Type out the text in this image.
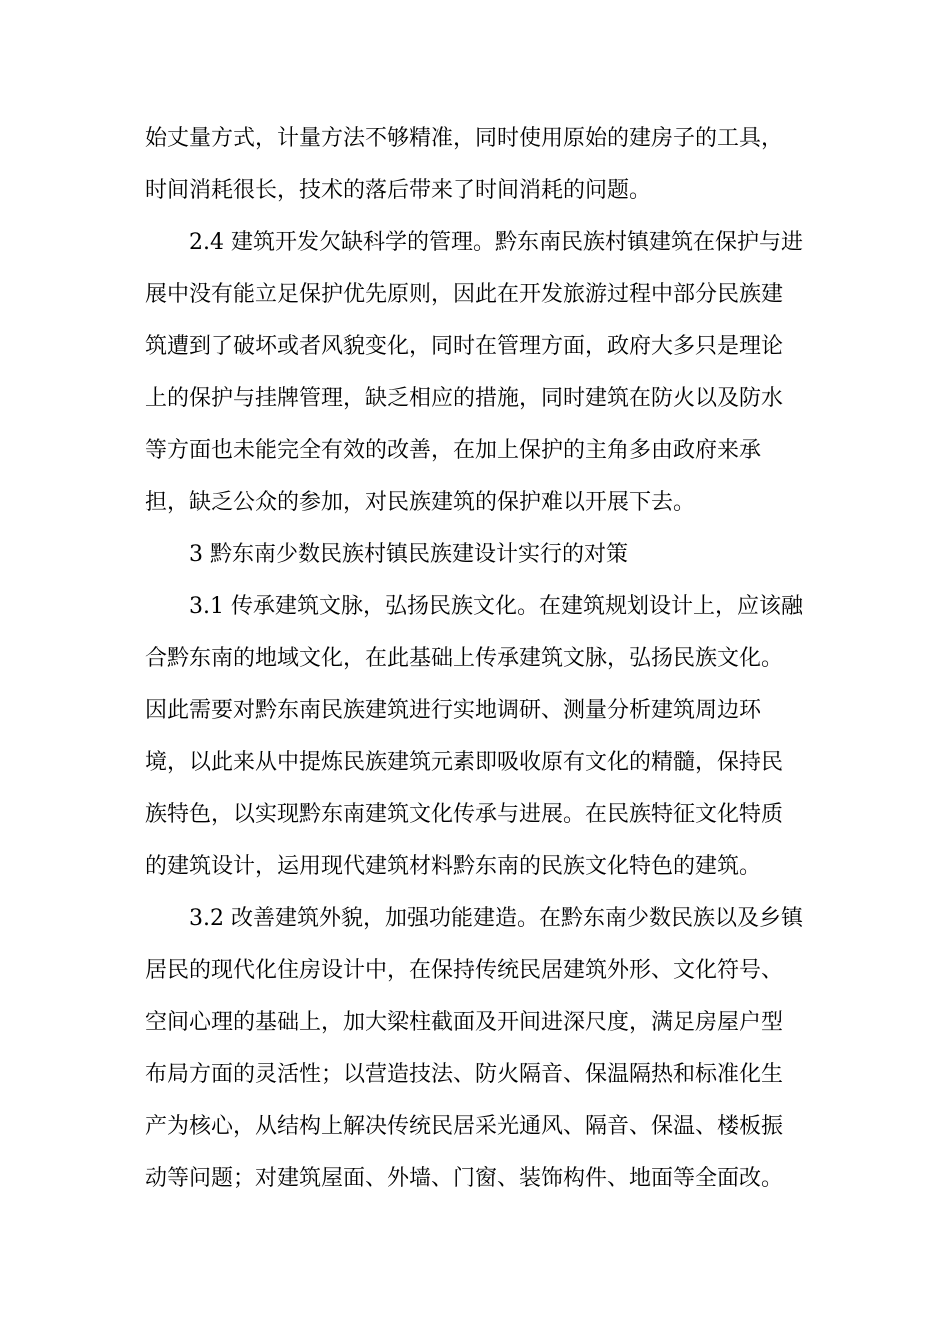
始丈量方式，计量方法不够精准，同时使用原始的建房子的工具，
时间消耗很长，技术的落后带来了时间消耗的问题。
2.4 建筑开发欠缺科学的管理。黔东南民族村镇建筑在保护与进
展中没有能立足保护优先原则，因此在开发旅游过程中部分民族建
筑遭到了破坏或者风貌变化，同时在管理方面，政府大多只是理论
上的保护与挂牌管理，缺乏相应的措施，同时建筑在防火以及防水
等方面也未能完全有效的改善，在加上保护的主角多由政府来承
担，缺乏公众的参加，对民族建筑的保护难以开展下去。
3 黔东南少数民族村镇民族建设计实行的对策
3.1 传承建筑文脉，弘扬民族文化。在建筑规划设计上，应该融
合黔东南的地域文化，在此基础上传承建筑文脉，弘扬民族文化。
因此需要对黔东南民族建筑进行实地调研、测量分析建筑周边环
境，以此来从中提炼民族建筑元素即吸收原有文化的精髓，保持民
族特色，以实现黔东南建筑文化传承与进展。在民族特征文化特质
的建筑设计，运用现代建筑材料黔东南的民族文化特色的建筑。
3.2 改善建筑外貌，加强功能建造。在黔东南少数民族以及乡镇
居民的现代化住房设计中，在保持传统民居建筑外形、文化符号、
空间心理的基础上，加大梁柱截面及开间进深尺度，满足房屋户型
布局方面的灵活性；以营造技法、防火隔音、保温隔热和标准化生
产为核心，从结构上解决传统民居采光通风、隔音、保温、楼板振
动等问题；对建筑屋面、外墙、门窗、装饰构件、地面等全面改。
